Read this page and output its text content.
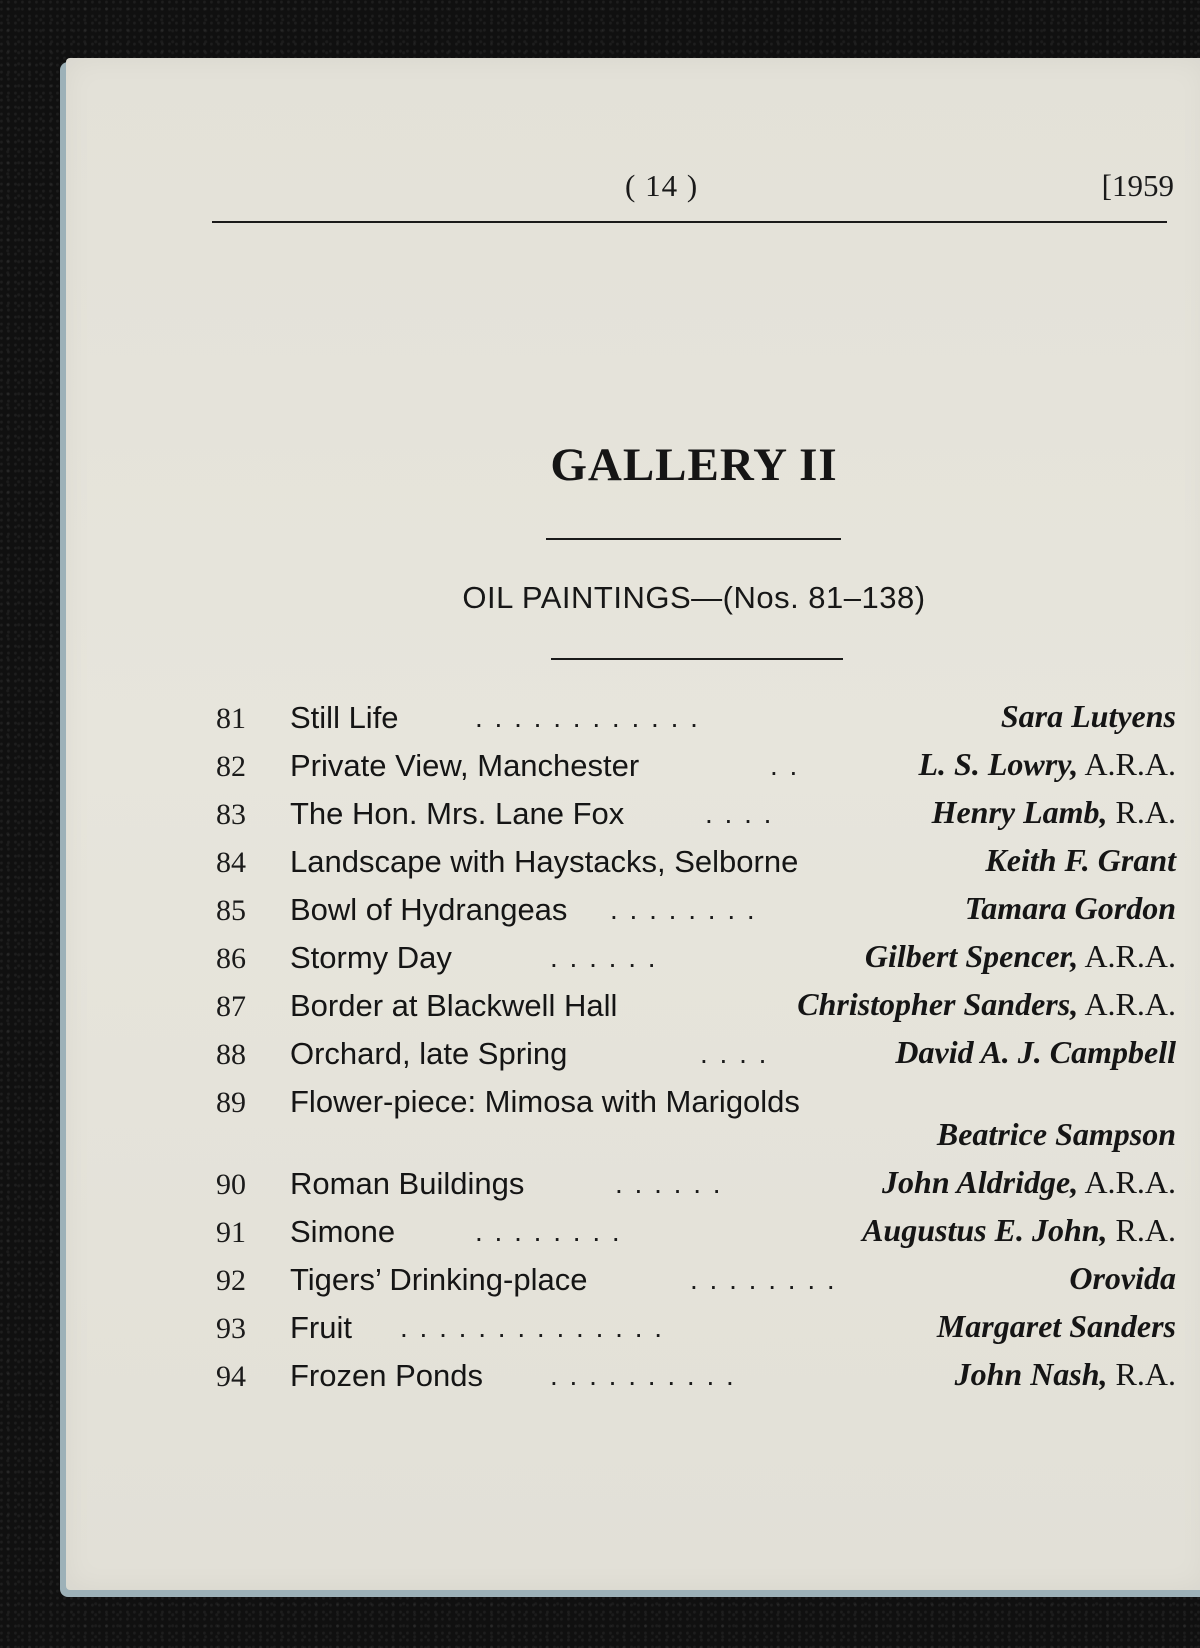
( 14 )	[1959
GALLERY II
OIL PAINTINGS—(Nos. 81–138)
81	Still Life	. . . . . . . . . . . .	Sara Lutyens
82	Private View, Manchester	. .	L. S. Lowry, A.R.A.
83	The Hon. Mrs. Lane Fox	. . . .	Henry Lamb, R.A.
84	Landscape with Haystacks, Selborne	Keith F. Grant
85	Bowl of Hydrangeas . . . . . . . .	Tamara Gordon
86	Stormy Day	. . . . . .	Gilbert Spencer, A.R.A.
87	Border at Blackwell Hall	Christopher Sanders, A.R.A.
88	Orchard, late Spring	. . . .	David A. J. Campbell
89	Flower-piece: Mimosa with Marigolds
Beatrice Sampson
90	Roman Buildings	. . . . . .	John Aldridge, A.R.A.
91	Simone	. . . . . . . .	Augustus E. John, R.A.
92	Tigers’ Drinking-place	. . . . . . . .	Orovida
93	Fruit . . . . . . . . . . . . . .	Margaret Sanders
94	Frozen Ponds . . . . . . . . . .	John Nash, R.A.
